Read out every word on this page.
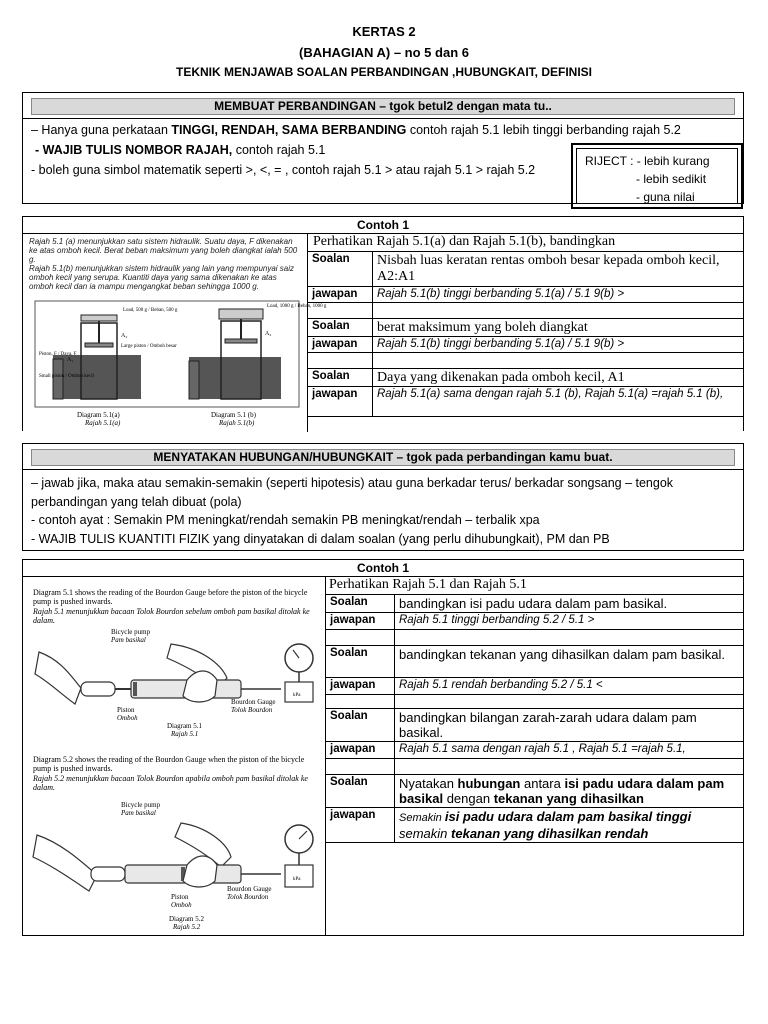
KERTAS 2
(BAHAGIAN A) – no 5 dan 6
TEKNIK MENJAWAB SOALAN PERBANDINGAN ,HUBUNGKAIT, DEFINISI
MEMBUAT PERBANDINGAN – tgok betul2 dengan mata tu..
– Hanya guna perkataan TINGGI, RENDAH, SAMA BERBANDING contoh rajah 5.1 lebih tinggi berbanding rajah 5.2
- WAJIB TULIS NOMBOR RAJAH, contoh rajah 5.1
- boleh guna simbol matematik seperti >, <, = , contoh rajah 5.1 > atau rajah 5.1 > rajah 5.2
RIJECT : - lebih kurang
- lebih sedikit
- guna nilai
Contoh 1
Rajah 5.1 (a) menunjukkan satu sistem hidraulik. Suatu daya, F dikenakan ke atas omboh kecil. Berat beban maksimum yang boleh diangkat ialah 500 g.
Rajah 5.1(b) menunjukkan sistem hidraulik yang lain yang mempunyai saiz omboh kecil yang serupa. Kuantiti daya yang sama dikenakan ke atas omboh kecil dan ia mampu mengangkat beban sehingga 1000 g.
Load, 500 g / Beban, 500 g
Load, 1000 g / Beban, 1000 g
A₂
Large piston / Omboh besar
Piston, F / Daya, F
A₁
Small piston / Omboh kecil
A₂
Diagram 5.1(a)
Rajah 5.1(a)
Diagram 5.1 (b)
Rajah 5.1(b)
Perhatikan Rajah 5.1(a) dan Rajah 5.1(b), bandingkan
Soalan	Nisbah luas keratan rentas omboh besar kepada omboh kecil, A2:A1
jawapan	Rajah 5.1(b) tinggi berbanding 5.1(a) / 5.1 9(b) >

Soalan	berat maksimum yang boleh diangkat
jawapan	Rajah 5.1(b) tinggi berbanding 5.1(a) / 5.1 9(b) >

Soalan	Daya yang dikenakan pada omboh kecil, A1
jawapan	Rajah 5.1(a) sama dengan rajah 5.1 (b), Rajah 5.1(a) =rajah 5.1 (b),
MENYATAKAN HUBUNGAN/HUBUNGKAIT – tgok pada perbandingan kamu buat.
– jawab jika, maka atau semakin-semakin (seperti hipotesis) atau guna berkadar terus/ berkadar songsang – tengok perbandingan yang telah dibuat (pola)
- contoh ayat : Semakin PM meningkat/rendah semakin PB meningkat/rendah – terbalik xpa
- WAJIB TULIS KUANTITI FIZIK yang dinyatakan di dalam soalan (yang perlu dihubungkait), PM dan PB
Contoh 1
Diagram 5.1 shows the reading of the Bourdon Gauge before the piston of the bicycle pump is pushed inwards.
Rajah 5.1 menunjukkan bacaan Tolok Bourdon sebelum omboh pam basikal ditolak ke dalam.
kPa
Bicycle pump
Pam basikal
Piston
Omboh
Bourdon Gauge
Tolok Bourdon
Diagram 5.1
Rajah 5.1
Diagram 5.2 shows the reading of the Bourdon Gauge when the piston of the bicycle pump is pushed inwards.
Rajah 5.2 menunjukkan bacaan Tolok Bourdon apabila omboh pam basikal ditolak ke dalam.
kPa
Bicycle pump
Pam basikal
Piston
Omboh
Bourdon Gauge
Tolok Bourdon
Diagram 5.2
Rajah 5.2
Perhatikan Rajah 5.1 dan Rajah 5.1
Soalan	bandingkan isi padu udara dalam pam basikal.
jawapan	Rajah 5.1 tinggi berbanding 5.2 / 5.1 >

Soalan	bandingkan tekanan yang dihasilkan dalam pam basikal.
jawapan	Rajah 5.1 rendah berbanding 5.2 / 5.1 <

Soalan	bandingkan bilangan zarah-zarah udara dalam pam basikal.
jawapan	Rajah 5.1 sama dengan rajah 5.1 , Rajah 5.1 =rajah 5.1,

Soalan	Nyatakan hubungan antara isi padu udara dalam pam basikal dengan tekanan yang dihasilkan
jawapan	Semakin isi padu udara dalam pam basikal tinggi semakin tekanan yang dihasilkan rendah
